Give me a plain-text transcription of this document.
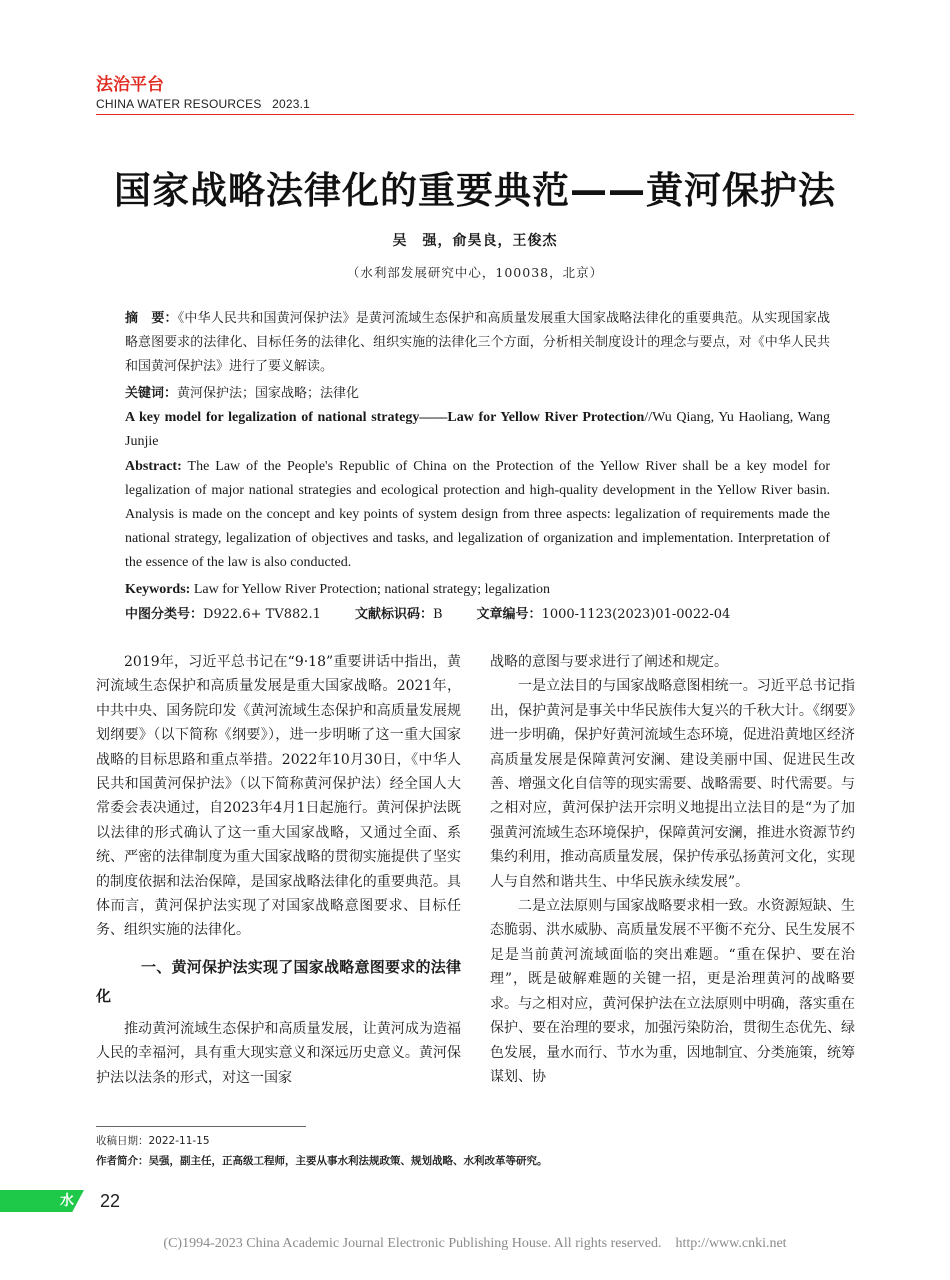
法治平台
CHINA WATER RESOURCES   2023.1
国家战略法律化的重要典范——黄河保护法
吴　强，俞昊良，王俊杰
（水利部发展研究中心，100038，北京）
摘　要：《中华人民共和国黄河保护法》是黄河流域生态保护和高质量发展重大国家战略法律化的重要典范。从实现国家战略意图要求的法律化、目标任务的法律化、组织实施的法律化三个方面，分析相关制度设计的理念与要点，对《中华人民共和国黄河保护法》进行了要义解读。
关键词：黄河保护法；国家战略；法律化
A key model for legalization of national strategy——Law for Yellow River Protection//Wu Qiang, Yu Haoliang, Wang Junjie
Abstract: The Law of the People's Republic of China on the Protection of the Yellow River shall be a key model for legalization of major national strategies and ecological protection and high-quality development in the Yellow River basin. Analysis is made on the concept and key points of system design from three aspects: legalization of requirements made the national strategy, legalization of objectives and tasks, and legalization of organization and implementation. Interpretation of the essence of the law is also conducted.
Keywords: Law for Yellow River Protection; national strategy; legalization
中图分类号：D922.6+ TV882.1	文献标识码：B	文章编号：1000-1123(2023)01-0022-04

2019年，习近平总书记在“9·18”重要讲话中指出，黄河流域生态保护和高质量发展是重大国家战略。2021年，中共中央、国务院印发《黄河流域生态保护和高质量发展规划纲要》（以下简称《纲要》），进一步明晰了这一重大国家战略的目标思路和重点举措。2022年10月30日，《中华人民共和国黄河保护法》（以下简称黄河保护法）经全国人大常委会表决通过，自2023年4月1日起施行。黄河保护法既以法律的形式确认了这一重大国家战略，又通过全面、系统、严密的法律制度为重大国家战略的贯彻实施提供了坚实的制度依据和法治保障，是国家战略法律化的重要典范。具体而言，黄河保护法实现了对国家战略意图要求、目标任务、组织实施的法律化。

一、黄河保护法实现了国家战略意图要求的法律化

推动黄河流域生态保护和高质量发展，让黄河成为造福人民的幸福河，具有重大现实意义和深远历史意义。黄河保护法以法条的形式，对这一国家

战略的意图与要求进行了阐述和规定。

一是立法目的与国家战略意图相统一。习近平总书记指出，保护黄河是事关中华民族伟大复兴的千秋大计。《纲要》进一步明确，保护好黄河流域生态环境，促进沿黄地区经济高质量发展是保障黄河安澜、建设美丽中国、促进民生改善、增强文化自信等的现实需要、战略需要、时代需要。与之相对应，黄河保护法开宗明义地提出立法目的是“为了加强黄河流域生态环境保护，保障黄河安澜，推进水资源节约集约利用，推动高质量发展，保护传承弘扬黄河文化，实现人与自然和谐共生、中华民族永续发展”。

二是立法原则与国家战略要求相一致。水资源短缺、生态脆弱、洪水威胁、高质量发展不平衡不充分、民生发展不足是当前黄河流域面临的突出难题。“重在保护、要在治理”，既是破解难题的关键一招，更是治理黄河的战略要求。与之相对应，黄河保护法在立法原则中明确，落实重在保护、要在治理的要求，加强污染防治，贯彻生态优先、绿色发展，量水而行、节水为重，因地制宜、分类施策，统筹谋划、协

收稿日期：2022-11-15
作者简介：吴强，副主任，正高级工程师，主要从事水利法规政策、规划战略、水利改革等研究。
水 22
(C)1994-2023 China Academic Journal Electronic Publishing House. All rights reserved.    http://www.cnki.net
